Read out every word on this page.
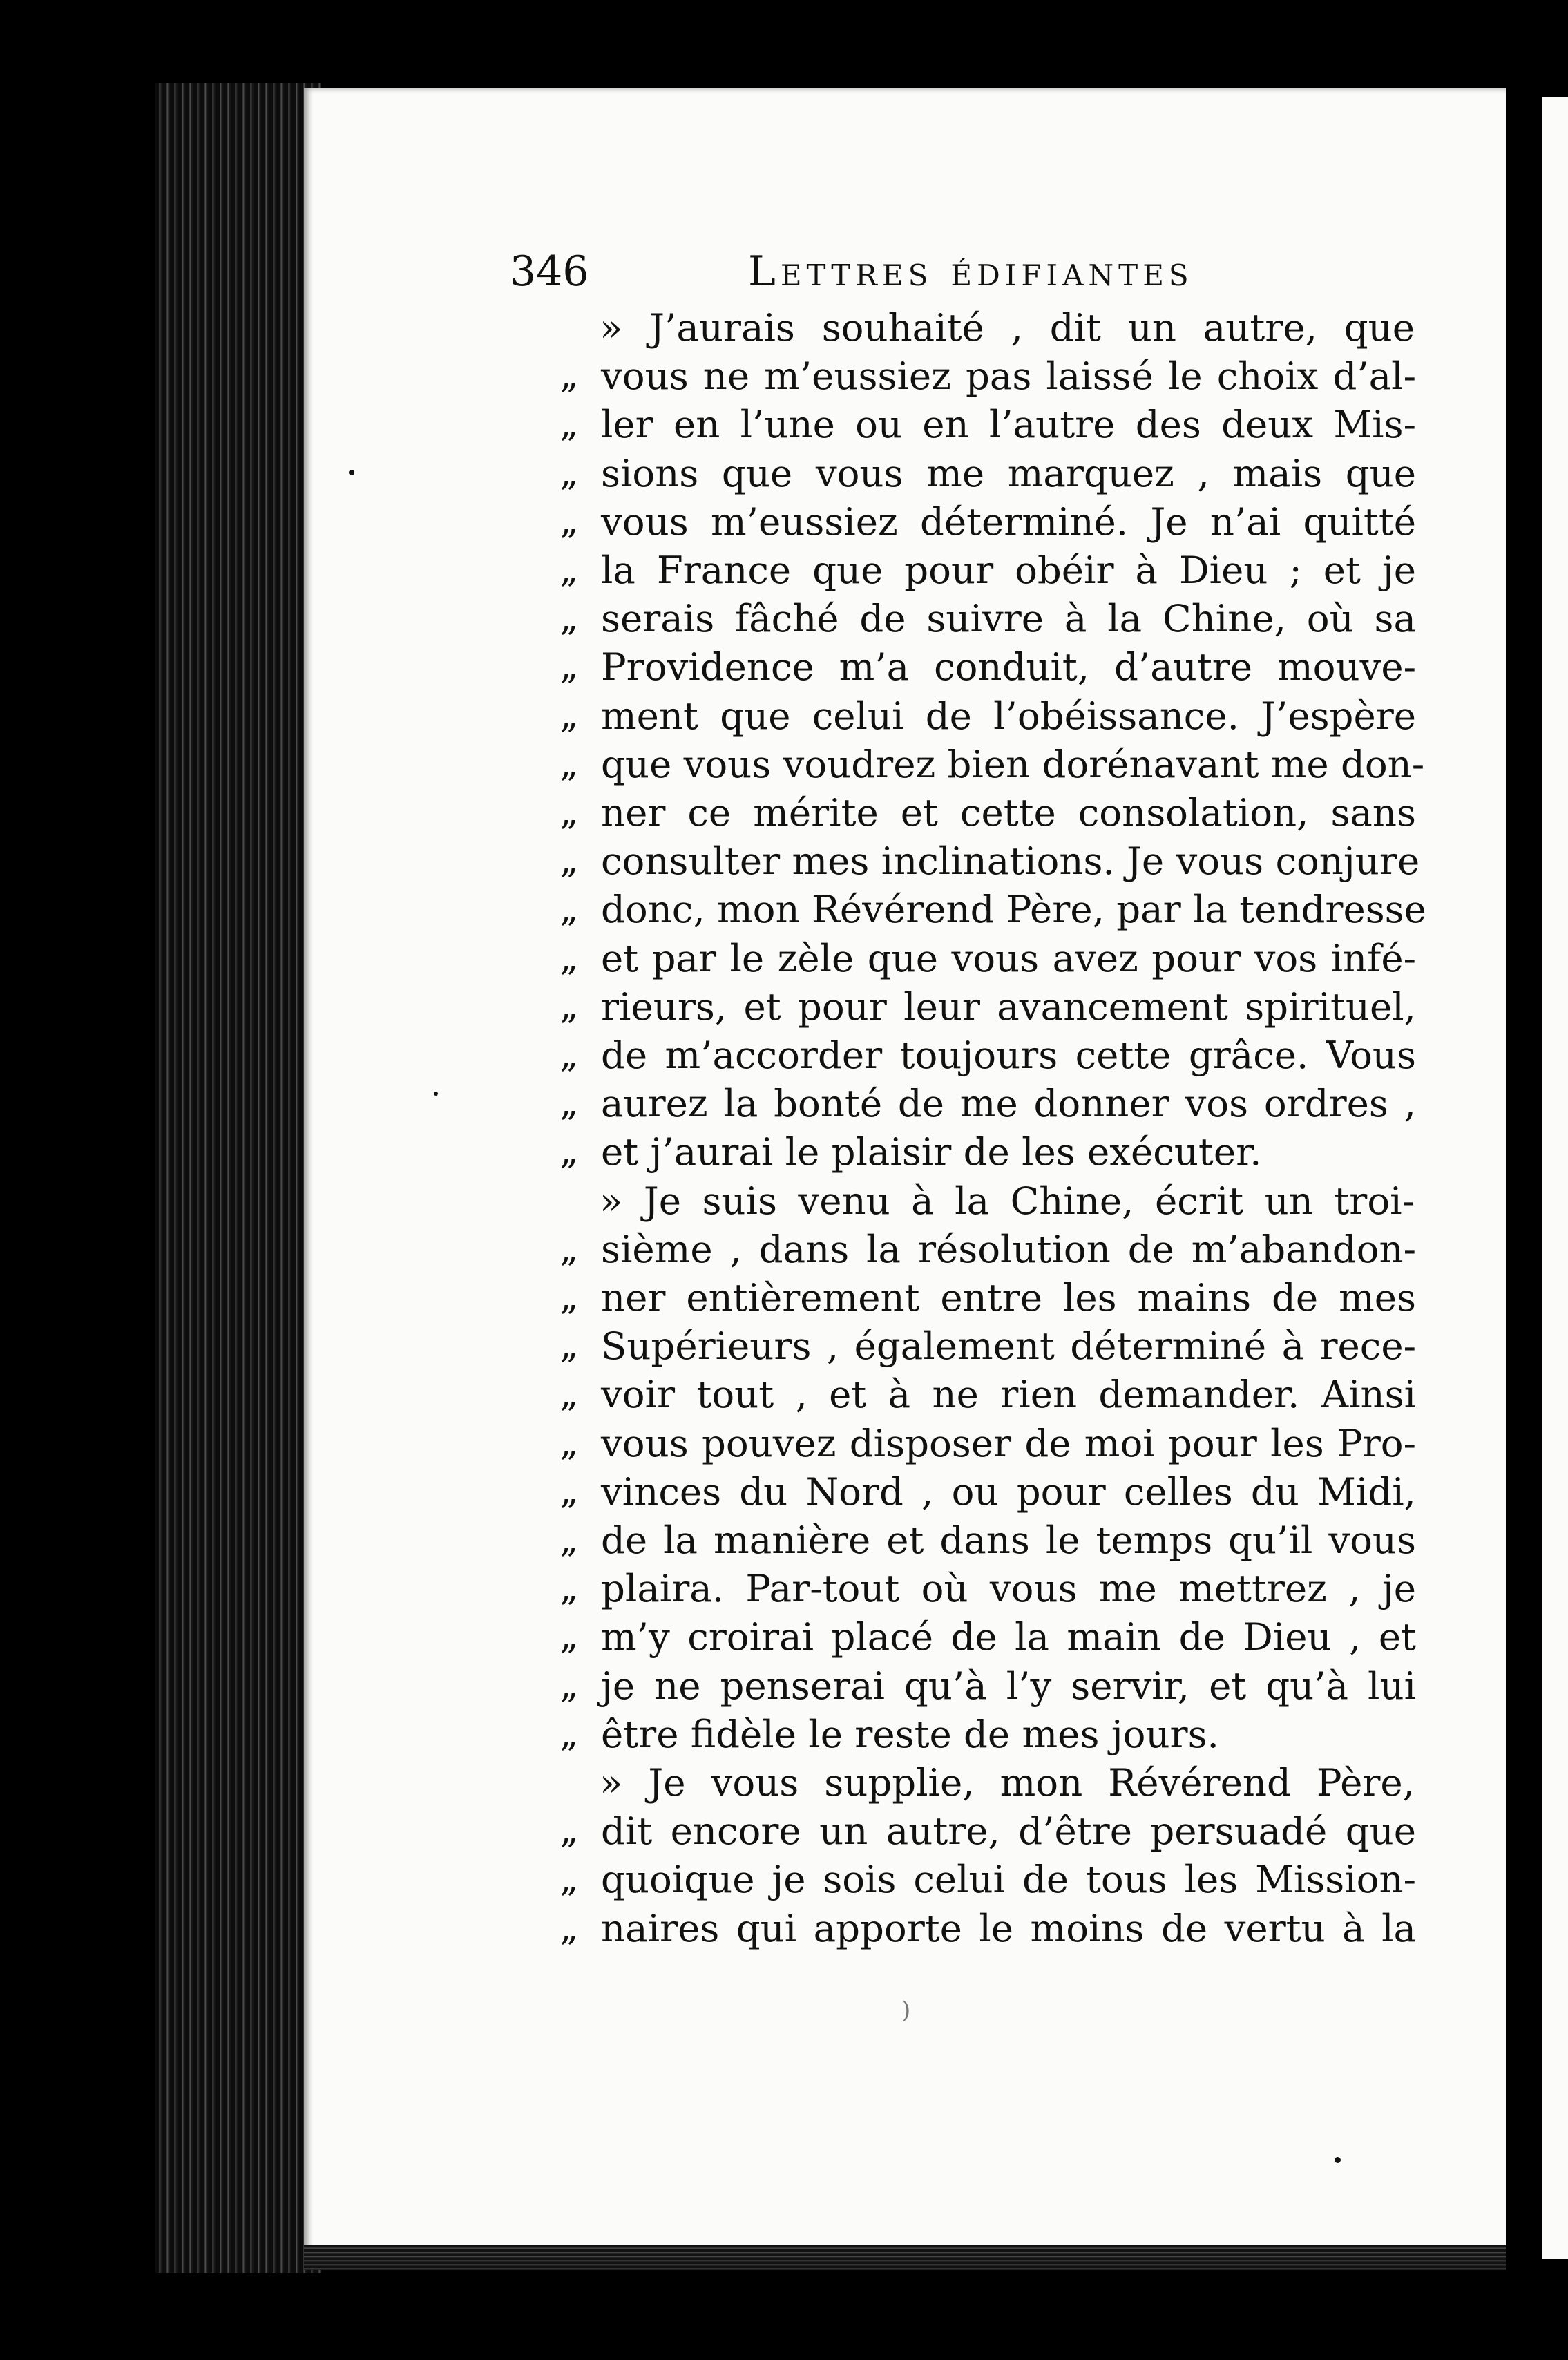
346	Lettres édifiantes
» J’aurais souhaité , dit un autre, que
„ vous ne m’eussiez pas laissé le choix d’al-
„ ler en l’une ou en l’autre des deux Mis-
„ sions que vous me marquez , mais que
„ vous m’eussiez déterminé. Je n’ai quitté
„ la France que pour obéir à Dieu ; et je
„ serais fâché de suivre à la Chine, où sa
„ Providence m’a conduit, d’autre mouve-
„ ment que celui de l’obéissance. J’espère
„ que vous voudrez bien dorénavant me don-
„ ner ce mérite et cette consolation, sans
„ consulter mes inclinations. Je vous conjure
„ donc, mon Révérend Père, par la tendresse
„ et par le zèle que vous avez pour vos infé-
„ rieurs, et pour leur avancement spirituel,
„ de m’accorder toujours cette grâce. Vous
„ aurez la bonté de me donner vos ordres ,
„ et j’aurai le plaisir de les exécuter.
» Je suis venu à la Chine, écrit un troi-
„ sième , dans la résolution de m’abandon-
„ ner entièrement entre les mains de mes
„ Supérieurs , également déterminé à rece-
„ voir tout , et à ne rien demander. Ainsi
„ vous pouvez disposer de moi pour les Pro-
„ vinces du Nord , ou pour celles du Midi,
„ de la manière et dans le temps qu’il vous
„ plaira. Par-tout où vous me mettrez , je
„ m’y croirai placé de la main de Dieu , et
„ je ne penserai qu’à l’y servir, et qu’à lui
„ être fidèle le reste de mes jours.
» Je vous supplie, mon Révérend Père,
„ dit encore un autre, d’être persuadé que
„ quoique je sois celui de tous les Mission-
„ naires qui apporte le moins de vertu à la
)
